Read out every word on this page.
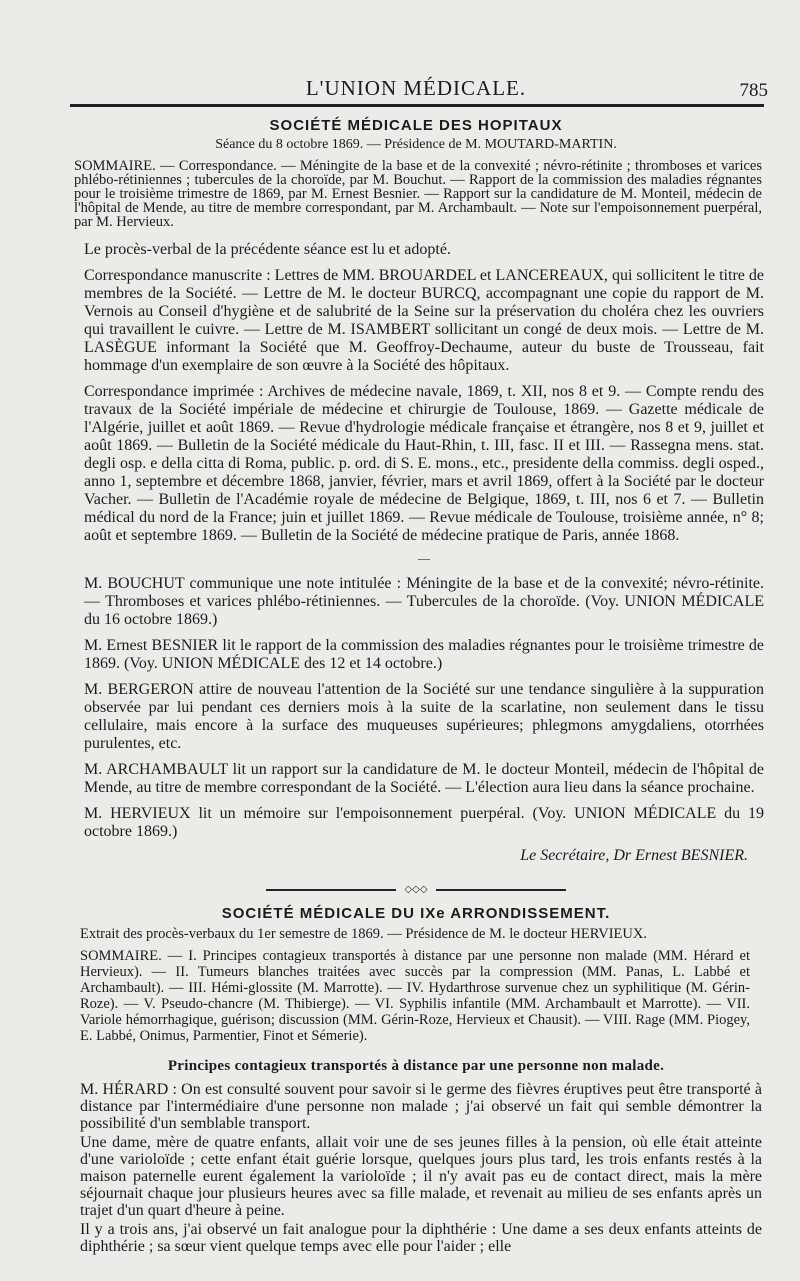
L'UNION MÉDICALE.	785
SOCIÉTÉ MÉDICALE DES HOPITAUX
Séance du 8 octobre 1869. — Présidence de M. MOUTARD-MARTIN.
SOMMAIRE. — Correspondance. — Méningite de la base et de la convexité ; névro-rétinite ; thromboses et varices phlébo-rétiniennes ; tubercules de la choroïde, par M. Bouchut. — Rapport de la commission des maladies régnantes pour le troisième trimestre de 1869, par M. Ernest Besnier. — Rapport sur la candidature de M. Monteil, médecin de l'hôpital de Mende, au titre de membre correspondant, par M. Archambault. — Note sur l'empoisonnement puerpéral, par M. Hervieux.

Le procès-verbal de la précédente séance est lu et adopté.

Correspondance manuscrite : Lettres de MM. BROUARDEL et LANCEREAUX, qui sollicitent le titre de membres de la Société. — Lettre de M. le docteur BURCQ, accompagnant une copie du rapport de M. Vernois au Conseil d'hygiène et de salubrité de la Seine sur la préservation du choléra chez les ouvriers qui travaillent le cuivre. — Lettre de M. ISAMBERT sollicitant un congé de deux mois. — Lettre de M. LASÈGUE informant la Société que M. Geoffroy-Dechaume, auteur du buste de Trousseau, fait hommage d'un exemplaire de son œuvre à la Société des hôpitaux.

Correspondance imprimée : Archives de médecine navale, 1869, t. XII, nos 8 et 9. — Compte rendu des travaux de la Société impériale de médecine et chirurgie de Toulouse, 1869. — Gazette médicale de l'Algérie, juillet et août 1869. — Revue d'hydrologie médicale française et étrangère, nos 8 et 9, juillet et août 1869. — Bulletin de la Société médicale du Haut-Rhin, t. III, fasc. II et III. — Rassegna mens. stat. degli osp. e della citta di Roma, public. p. ord. di S. E. mons., etc., presidente della commiss. degli osped., anno 1, septembre et décembre 1868, janvier, février, mars et avril 1869, offert à la Société par le docteur Vacher. — Bulletin de l'Académie royale de médecine de Belgique, 1869, t. III, nos 6 et 7. — Bulletin médical du nord de la France; juin et juillet 1869. — Revue médicale de Toulouse, troisième année, n° 8; août et septembre 1869. — Bulletin de la Société de médecine pratique de Paris, année 1868.

—

M. BOUCHUT communique une note intitulée : Méningite de la base et de la convexité; névro-rétinite. — Thromboses et varices phlébo-rétiniennes. — Tubercules de la choroïde. (Voy. UNION MÉDICALE du 16 octobre 1869.)

M. Ernest BESNIER lit le rapport de la commission des maladies régnantes pour le troisième trimestre de 1869. (Voy. UNION MÉDICALE des 12 et 14 octobre.)

M. BERGERON attire de nouveau l'attention de la Société sur une tendance singulière à la suppuration observée par lui pendant ces derniers mois à la suite de la scarlatine, non seulement dans le tissu cellulaire, mais encore à la surface des muqueuses supérieures; phlegmons amygdaliens, otorrhées purulentes, etc.

M. ARCHAMBAULT lit un rapport sur la candidature de M. le docteur Monteil, médecin de l'hôpital de Mende, au titre de membre correspondant de la Société. — L'élection aura lieu dans la séance prochaine.

M. HERVIEUX lit un mémoire sur l'empoisonnement puerpéral. (Voy. UNION MÉDICALE du 19 octobre 1869.)

Le Secrétaire, Dr Ernest BESNIER.
◇◇◇
SOCIÉTÉ MÉDICALE DU IXe ARRONDISSEMENT.
Extrait des procès-verbaux du 1er semestre de 1869. — Présidence de M. le docteur HERVIEUX.
SOMMAIRE. — I. Principes contagieux transportés à distance par une personne non malade (MM. Hérard et Hervieux). — II. Tumeurs blanches traitées avec succès par la compression (MM. Panas, L. Labbé et Archambault). — III. Hémi-glossite (M. Marrotte). — IV. Hydarthrose survenue chez un syphilitique (M. Gérin-Roze). — V. Pseudo-chancre (M. Thibierge). — VI. Syphilis infantile (MM. Archambault et Marrotte). — VII. Variole hémorrhagique, guérison; discussion (MM. Gérin-Roze, Hervieux et Chausit). — VIII. Rage (MM. Piogey, E. Labbé, Onimus, Parmentier, Finot et Sémerie).
Principes contagieux transportés à distance par une personne non malade.

M. HÉRARD : On est consulté souvent pour savoir si le germe des fièvres éruptives peut être transporté à distance par l'intermédiaire d'une personne non malade ; j'ai observé un fait qui semble démontrer la possibilité d'un semblable transport.

Une dame, mère de quatre enfants, allait voir une de ses jeunes filles à la pension, où elle était atteinte d'une varioloïde ; cette enfant était guérie lorsque, quelques jours plus tard, les trois enfants restés à la maison paternelle eurent également la varioloïde ; il n'y avait pas eu de contact direct, mais la mère séjournait chaque jour plusieurs heures avec sa fille malade, et revenait au milieu de ses enfants après un trajet d'un quart d'heure à peine.

Il y a trois ans, j'ai observé un fait analogue pour la diphthérie : Une dame a ses deux enfants atteints de diphthérie ; sa sœur vient quelque temps avec elle pour l'aider ; elle
